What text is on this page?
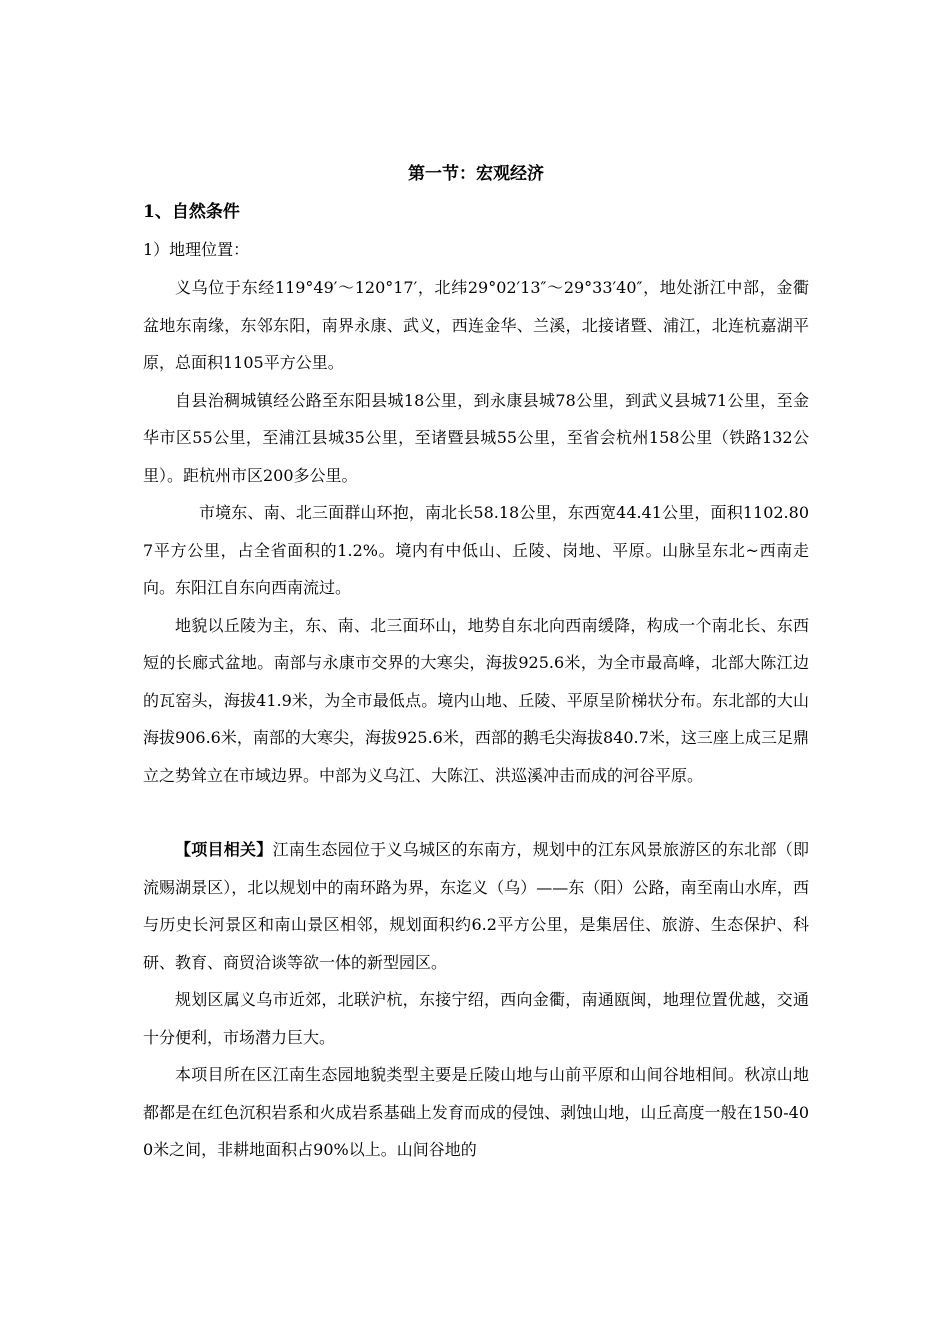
第一节：宏观经济

1、自然条件

1）地理位置：

义乌位于东经119°49′～120°17′，北纬29°02′13″～29°33′40″，地处浙江中部，金衢盆地东南缘，东邻东阳，南界永康、武义，西连金华、兰溪，北接诸暨、浦江，北连杭嘉湖平原，总面积1105平方公里。

自县治稠城镇经公路至东阳县城18公里，到永康县城78公里，到武义县城71公里，至金华市区55公里，至浦江县城35公里，至诸暨县城55公里，至省会杭州158公里（铁路132公里）。距杭州市区200多公里。

市境东、南、北三面群山环抱，南北长58.18公里，东西宽44.41公里，面积1102.807平方公里，占全省面积的1.2%。境内有中低山、丘陵、岗地、平原。山脉呈东北~西南走向。东阳江自东向西南流过。

地貌以丘陵为主，东、南、北三面环山，地势自东北向西南缓降，构成一个南北长、东西短的长廊式盆地。南部与永康市交界的大寒尖，海拔925.6米，为全市最高峰，北部大陈江边的瓦窑头，海拔41.9米，为全市最低点。境内山地、丘陵、平原呈阶梯状分布。东北部的大山海拔906.6米，南部的大寒尖，海拔925.6米，西部的鹅毛尖海拔840.7米，这三座上成三足鼎立之势耸立在市域边界。中部为义乌江、大陈江、洪巡溪冲击而成的河谷平原。

【项目相关】江南生态园位于义乌城区的东南方，规划中的江东风景旅游区的东北部（即流赐湖景区），北以规划中的南环路为界，东迄义（乌）——东（阳）公路，南至南山水库，西与历史长河景区和南山景区相邻，规划面积约6.2平方公里，是集居住、旅游、生态保护、科研、教育、商贸洽谈等欲一体的新型园区。

规划区属义乌市近郊，北联沪杭，东接宁绍，西向金衢，南通瓯闽，地理位置优越，交通十分便利，市场潜力巨大。

本项目所在区江南生态园地貌类型主要是丘陵山地与山前平原和山间谷地相间。秋凉山地都都是在红色沉积岩系和火成岩系基础上发育而成的侵蚀、剥蚀山地，山丘高度一般在150-400米之间，非耕地面积占90%以上。山间谷地的
